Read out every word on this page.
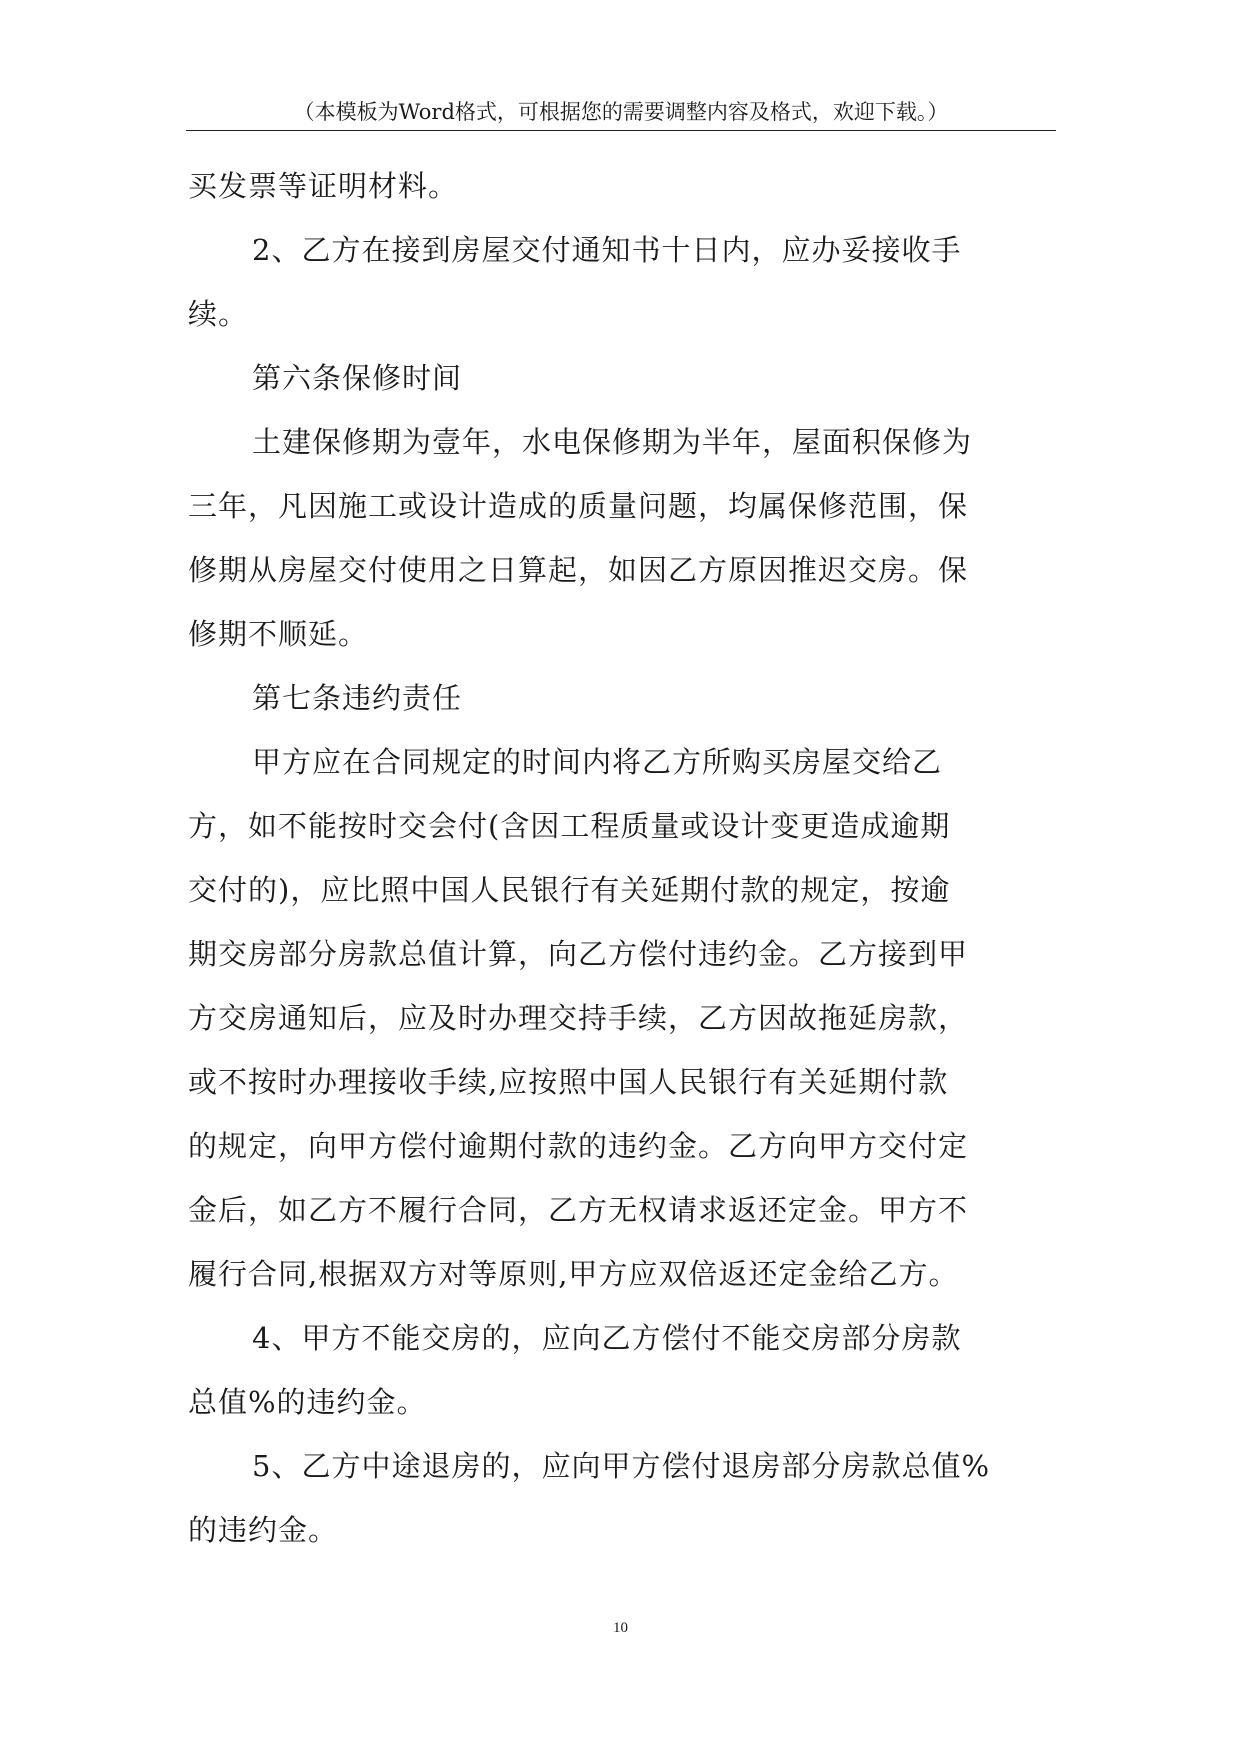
（本模板为Word格式，可根据您的需要调整内容及格式，欢迎下载。）
买发票等证明材料。
2、乙方在接到房屋交付通知书十日内，应办妥接收手
续。
第六条保修时间
土建保修期为壹年，水电保修期为半年，屋面积保修为
三年，凡因施工或设计造成的质量问题，均属保修范围，保
修期从房屋交付使用之日算起，如因乙方原因推迟交房。保
修期不顺延。
第七条违约责任
甲方应在合同规定的时间内将乙方所购买房屋交给乙
方，如不能按时交会付(含因工程质量或设计变更造成逾期
交付的)，应比照中国人民银行有关延期付款的规定，按逾
期交房部分房款总值计算，向乙方偿付违约金。乙方接到甲
方交房通知后，应及时办理交持手续，乙方因故拖延房款，
或不按时办理接收手续,应按照中国人民银行有关延期付款
的规定，向甲方偿付逾期付款的违约金。乙方向甲方交付定
金后，如乙方不履行合同，乙方无权请求返还定金。甲方不
履行合同,根据双方对等原则,甲方应双倍返还定金给乙方。
4、甲方不能交房的，应向乙方偿付不能交房部分房款
总值%的违约金。
5、乙方中途退房的，应向甲方偿付退房部分房款总值%
的违约金。
10
